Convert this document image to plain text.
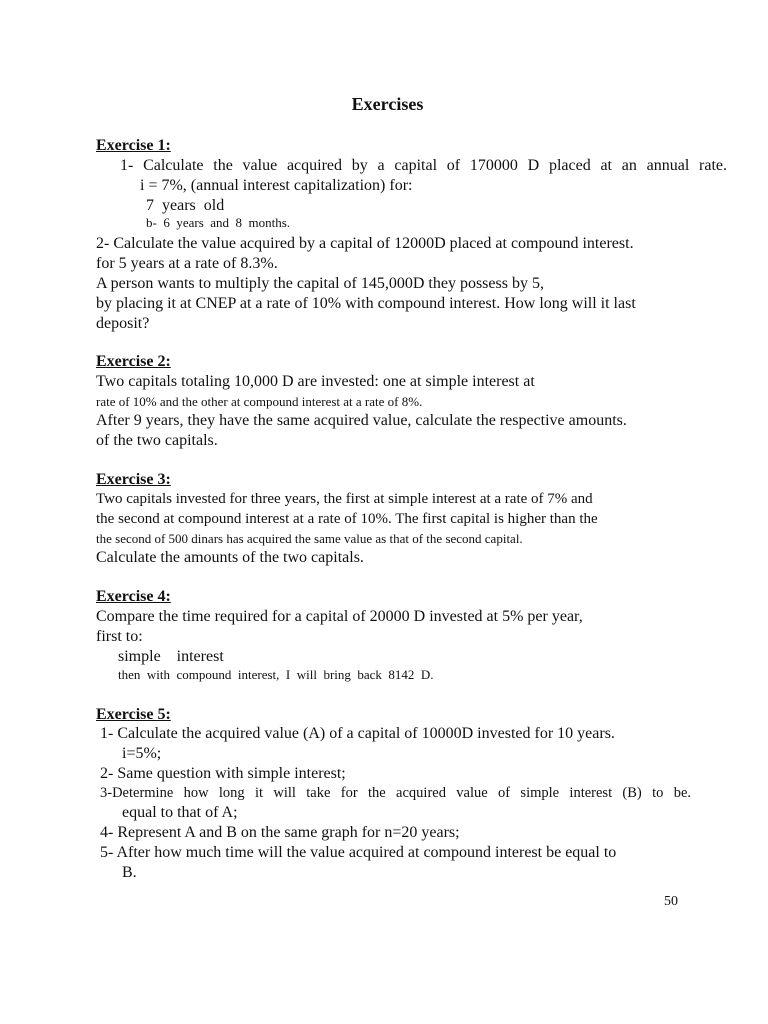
Exercises
Exercise 1:
1- Calculate the value acquired by a capital of 170000 D placed at an annual rate.
i = 7%, (annual interest capitalization) for:
7  years  old
b-  6  years  and  8  months.
2- Calculate the value acquired by a capital of 12000D placed at compound interest.
for 5 years at a rate of 8.3%.
A person wants to multiply the capital of 145,000D they possess by 5,
by placing it at CNEP at a rate of 10% with compound interest. How long will it last
deposit?
Exercise 2:
Two capitals totaling 10,000 D are invested: one at simple interest at
rate of 10% and the other at compound interest at a rate of 8%.
After 9 years, they have the same acquired value, calculate the respective amounts.
of the two capitals.
Exercise 3:
Two capitals invested for three years, the first at simple interest at a rate of 7% and
the second at compound interest at a rate of 10%. The first capital is higher than the
the second of 500 dinars has acquired the same value as that of the second capital.
Calculate the amounts of the two capitals.
Exercise 4:
Compare the time required for a capital of 20000 D invested at 5% per year,
first to:
simple    interest
then  with  compound  interest,  I  will  bring  back  8142  D.
Exercise 5:
1- Calculate the acquired value (A) of a capital of 10000D invested for 10 years.
i=5%;
2- Same question with simple interest;
3-Determine how long it will take for the acquired value of simple interest (B) to be.
equal to that of A;
4- Represent A and B on the same graph for n=20 years;
5- After how much time will the value acquired at compound interest be equal to
B.
50
